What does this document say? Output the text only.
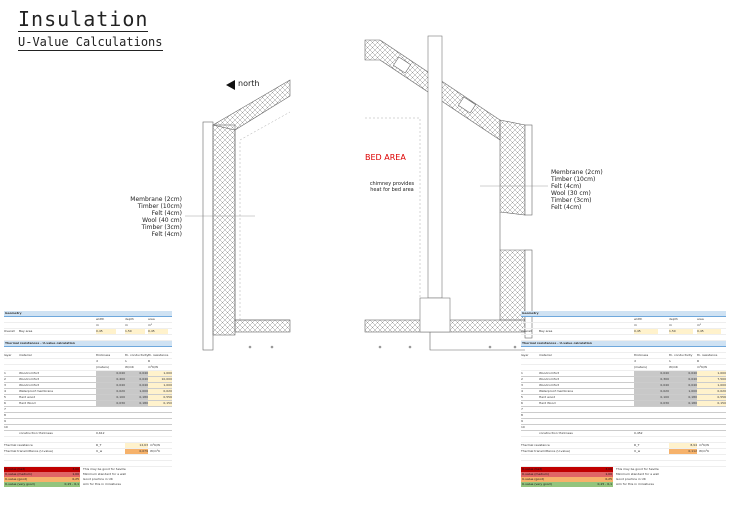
Insulation
U-Value Calculations
north
BED AREA
chimney provides heat for bed area
Membrane (2cm)
Timber (10cm)
Felt (4cm)
Wool (40 cm)
Timber (3cm)
Felt (4cm)
Membrane (2cm)
Timber (10cm)
Felt (4cm)
Wool (30 cm)
Timber (3cm)
Felt (4cm)
Geometry
width	depth	area
m	m	m²
Overall Bay area	0,45	1,50	0,45
Thermal resistances - U-value calculation
layer material	thickness	th. conductivity th. resistance
d	λ	R
(meters)	W/mK	m²K/W
1	Woodcomfort	0,040	0,040	1,000
2	Woodcomfort	0,400	0,040	10,000
3	Woodcomfort	0,040	0,040	1,000
4	Waterproof membrane	0,020	1,000	0,020
5	Hard wood	0,100	0,180	0,556
6	Hard Wood	0,030	0,180	0,150
7
8
9
10
construction thickness	0,612
Thermal resistance	R_T	12,63 m²K/W
Thermal transmittance (U-value)	U_w	0,079 W/m²K
U-value (bad)	3,00 This may be good for Seville
U-value (medium)	1,00 Minimum standard for a wall
U-value (good)	0,25 Good practice in UK
U-value (very good)	0,15 - 0,1 Aim for this in miniatures
Geometry
width	depth	area
m	m	m²
Overall Bay area	0,45	1,50	0,45
Thermal resistances - U-value calculation
layer	material	thickness	th. conductivity th. resistance
d	λ	R
(meters)	W/mK	m²K/W
1	Woodcomfort	0,040	0,040	1,000
2	Woodcomfort	0,300	0,040	7,500
3	Woodcomfort	0,040	0,040	1,000
4	Waterproof membrane	0,020	1,000	0,020
5	Hard wood	0,100	0,180	0,556
6	Hard Wood	0,030	0,180	0,150
7
8
9
10
construction thickness	0,452
Thermal resistance	R_T	8,94 m²K/W
Thermal transmittance (U-value)	U_w	0,112 W/m²K
U-value (bad)	3,00 This may be good for Seville
U-value (medium)	1,00 Minimum standard for a wall
U-value (good)	0,25 Good practice in UK
U-value (very good)	0,15 - 0,1 Aim for this in miniatures
